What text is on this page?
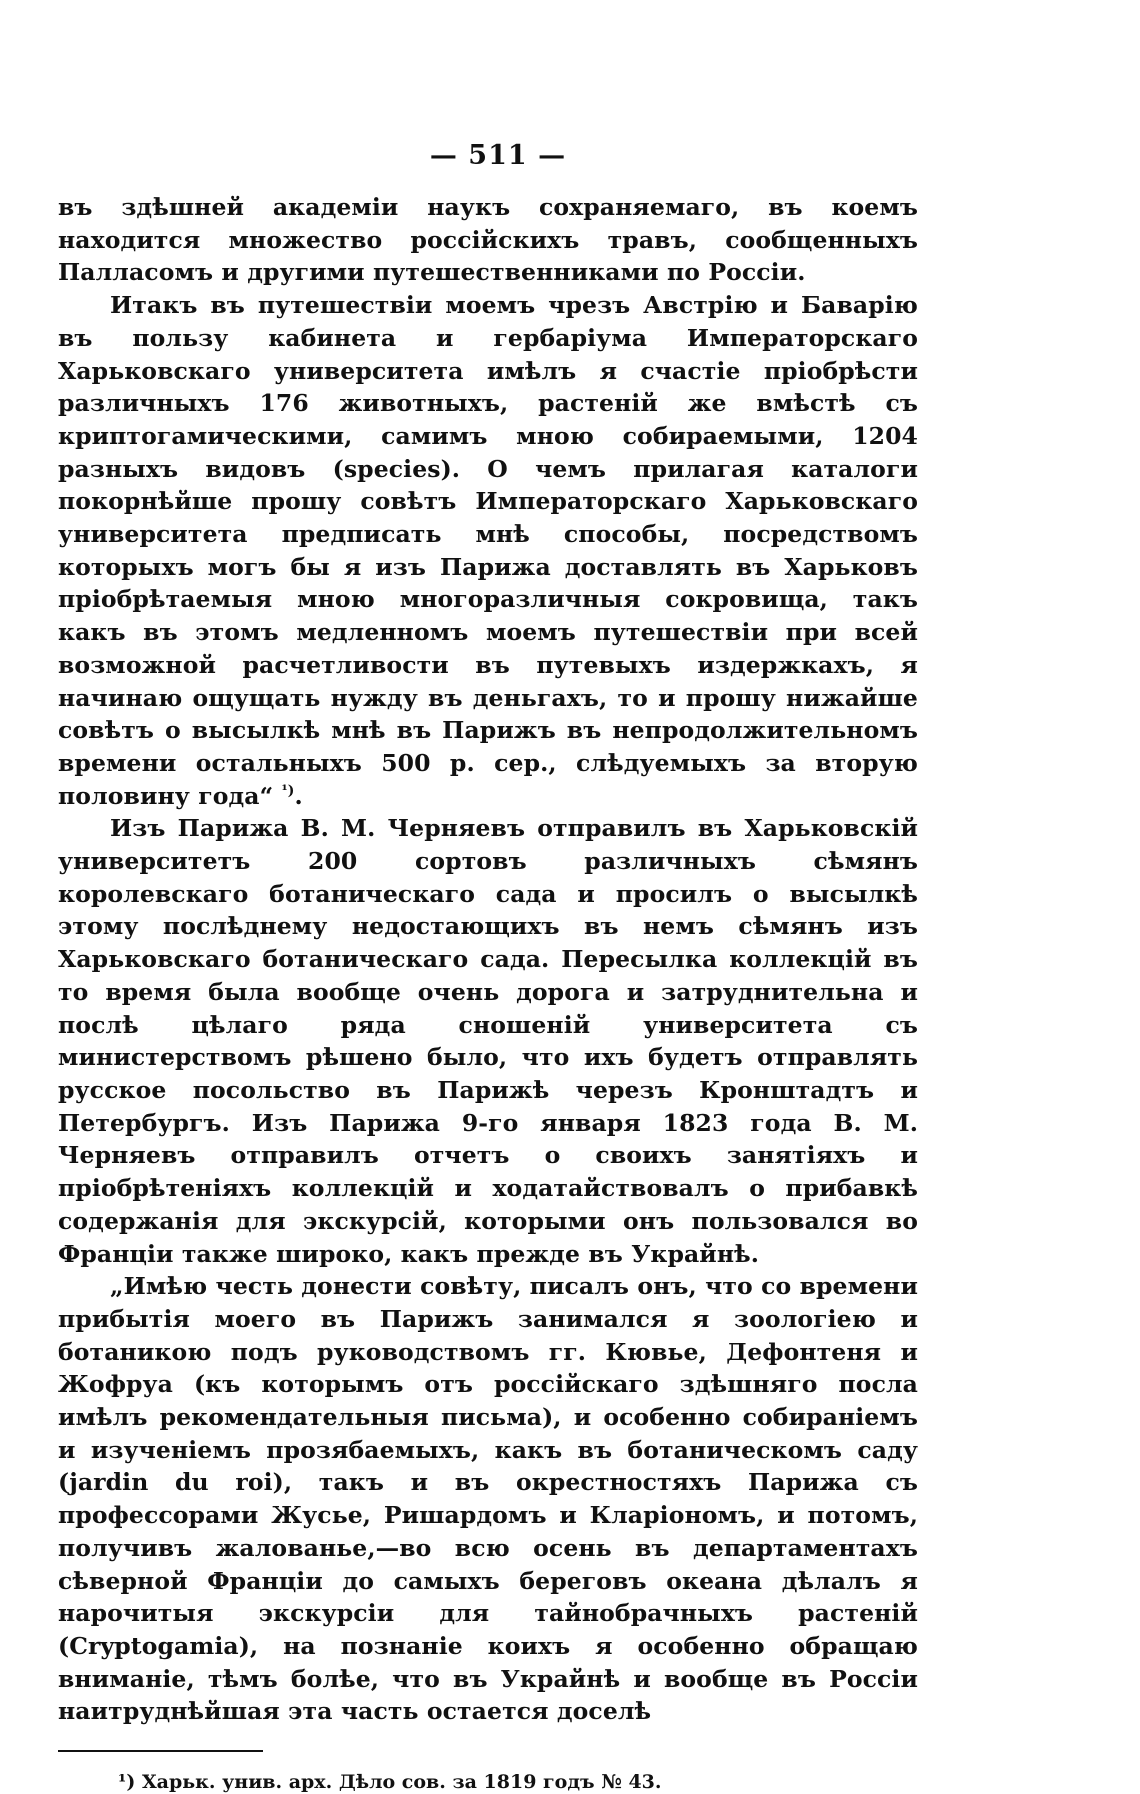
— 511 —

въ здѣшней академіи наукъ сохраняемаго, въ коемъ находится множество россійскихъ травъ, сообщенныхъ Палласомъ и другими путешественниками по Россіи.

Итакъ въ путешествіи моемъ чрезъ Австрію и Баварію въ пользу кабинета и гербаріума Императорскаго Харьковскаго университета имѣлъ я счастіе пріобрѣсти различныхъ 176 животныхъ, растеній же вмѣстѣ съ криптогамическими, самимъ мною собираемыми, 1204 разныхъ видовъ (species). О чемъ прилагая каталоги покорнѣйше прошу совѣтъ Императорскаго Харьковскаго университета предписать мнѣ способы, посредствомъ которыхъ могъ бы я изъ Парижа доставлять въ Харьковъ пріобрѣтаемыя мною многоразличныя сокровища, такъ какъ въ этомъ медленномъ моемъ путешествіи при всей возможной расчетливости въ путевыхъ издержкахъ, я начинаю ощущать нужду въ деньгахъ, то и прошу нижайше совѣтъ о высылкѣ мнѣ въ Парижъ въ непродолжительномъ времени остальныхъ 500 р. сер., слѣдуемыхъ за вторую половину года“ $^{^1)}$.

Изъ Парижа В. М. Черняевъ отправилъ въ Харьковскій университетъ 200 сортовъ различныхъ сѣмянъ королевскаго ботаническаго сада и просилъ о высылкѣ этому послѣднему недостающихъ въ немъ сѣмянъ изъ Харьковскаго ботаническаго сада. Пересылка коллекцій въ то время была вообще очень дорога и затруднительна и послѣ цѣлаго ряда сношеній университета съ министерствомъ рѣшено было, что ихъ будетъ отправлять русское посольство въ Парижѣ черезъ Кронштадтъ и Петербургъ. Изъ Парижа 9-го января 1823 года В. М. Черняевъ отправилъ отчетъ о своихъ занятіяхъ и пріобрѣтеніяхъ коллекцій и ходатайствовалъ о прибавкѣ содержанія для экскурсій, которыми онъ пользовался во Франціи также широко, какъ прежде въ Украйнѣ.

„Имѣю честь донести совѣту, писалъ онъ, что со времени прибытія моего въ Парижъ занимался я зоологіею и ботаникою подъ руководствомъ гг. Кювье, Дефонтеня и Жофруа (къ которымъ отъ россійскаго здѣшняго посла имѣлъ рекомендательныя письма), и особенно собираніемъ и изученіемъ прозябаемыхъ, какъ въ ботаническомъ саду (jardin du roi), такъ и въ окрестностяхъ Парижа съ профессорами Жусье, Ришардомъ и Кларіономъ, и потомъ, получивъ жалованье,—во всю осень въ департаментахъ сѣверной Франціи до самыхъ береговъ океана дѣлалъ я нарочитыя экскурсіи для тайнобрачныхъ растеній (Cryptogamia), на познаніе коихъ я особенно обращаю вниманіе, тѣмъ болѣе, что въ Украйнѣ и вообще въ Россіи наитруднѣйшая эта часть остается доселѣ

¹) Харьк. унив. арх. Дѣло сов. за 1819 годъ № 43.
